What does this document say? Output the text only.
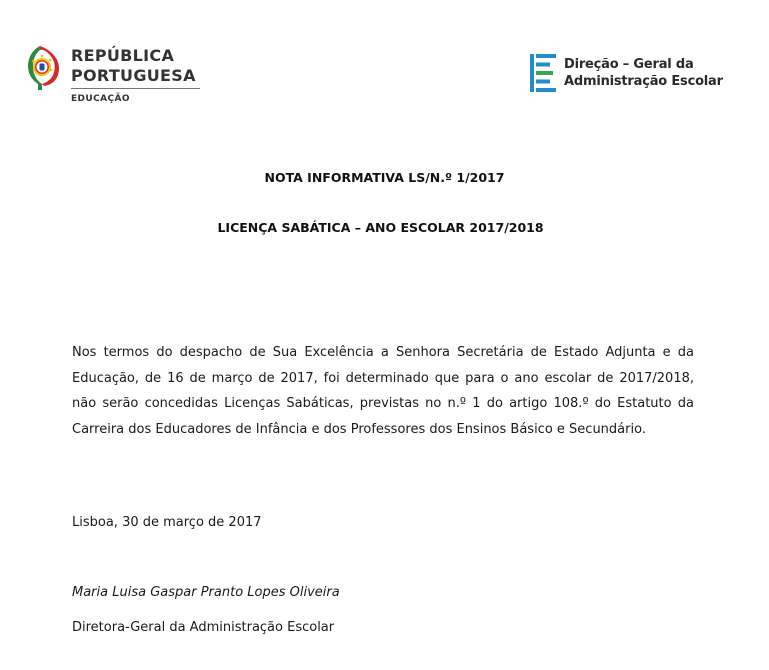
REPÚBLICA
PORTUGUESA
EDUCAÇÃO
Direção – Geral da
Administração Escolar
NOTA INFORMATIVA LS/N.º 1/2017
LICENÇA SABÁTICA – ANO ESCOLAR 2017/2018
Nos termos do despacho de Sua Excelência a Senhora Secretária de Estado Adjunta e da Educação, de 16 de março de 2017, foi determinado que para o ano escolar de 2017/2018, não serão concedidas Licenças Sabáticas, previstas no n.º 1 do artigo 108.º do Estatuto da Carreira dos Educadores de Infância e dos Professores dos Ensinos Básico e Secundário.
Lisboa, 30 de março de 2017
Maria Luisa Gaspar Pranto Lopes Oliveira
Diretora-Geral da Administração Escolar
